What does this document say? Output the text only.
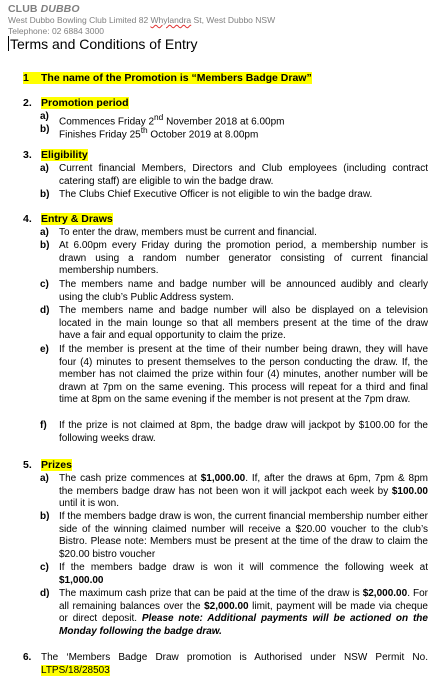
CLUB DUBBO
West Dubbo Bowling Club Limited 82 Whylandra St, West Dubbo NSW
Telephone: 02 6884 3000
Terms and Conditions of Entry
1 The name of the Promotion is “Members Badge Draw”
2. Promotion period
a) Commences Friday 2nd November 2018 at 6.00pm
b) Finishes Friday 25th October 2019 at 8.00pm
3. Eligibility
a) Current financial Members, Directors and Club employees (including contract catering staff) are eligible to win the badge draw.
b) The Clubs Chief Executive Officer is not eligible to win the badge draw.
4. Entry & Draws
a) To enter the draw, members must be current and financial.
b) At 6.00pm every Friday during the promotion period, a membership number is drawn using a random number generator consisting of current financial membership numbers.
c) The members name and badge number will be announced audibly and clearly using the club’s Public Address system.
d) The members name and badge number will also be displayed on a television located in the main lounge so that all members present at the time of the draw have a fair and equal opportunity to claim the prize.
e) If the member is present at the time of their number being drawn, they will have four (4) minutes to present themselves to the person conducting the draw. If, the member has not claimed the prize within four (4) minutes, another number will be drawn at 7pm on the same evening. This process will repeat for a third and final time at 8pm on the same evening if the member is not present at the 7pm draw.
f) If the prize is not claimed at 8pm, the badge draw will jackpot by $100.00 for the following weeks draw.
5. Prizes
a) The cash prize commences at $1,000.00. If, after the draws at 6pm, 7pm & 8pm the members badge draw has not been won it will jackpot each week by $100.00 until it is won.
b) If the members badge draw is won, the current financial membership number either side of the winning claimed number will receive a $20.00 voucher to the club’s Bistro. Please note: Members must be present at the time of the draw to claim the $20.00 bistro voucher
c) If the members badge draw is won it will commence the following week at $1,000.00
d) The maximum cash prize that can be paid at the time of the draw is $2,000.00. For all remaining balances over the $2,000.00 limit, payment will be made via cheque or direct deposit. Please note: Additional payments will be actioned on the Monday following the badge draw.
6. The ‘Members Badge Draw promotion is Authorised under NSW Permit No. LTPS/18/28503
